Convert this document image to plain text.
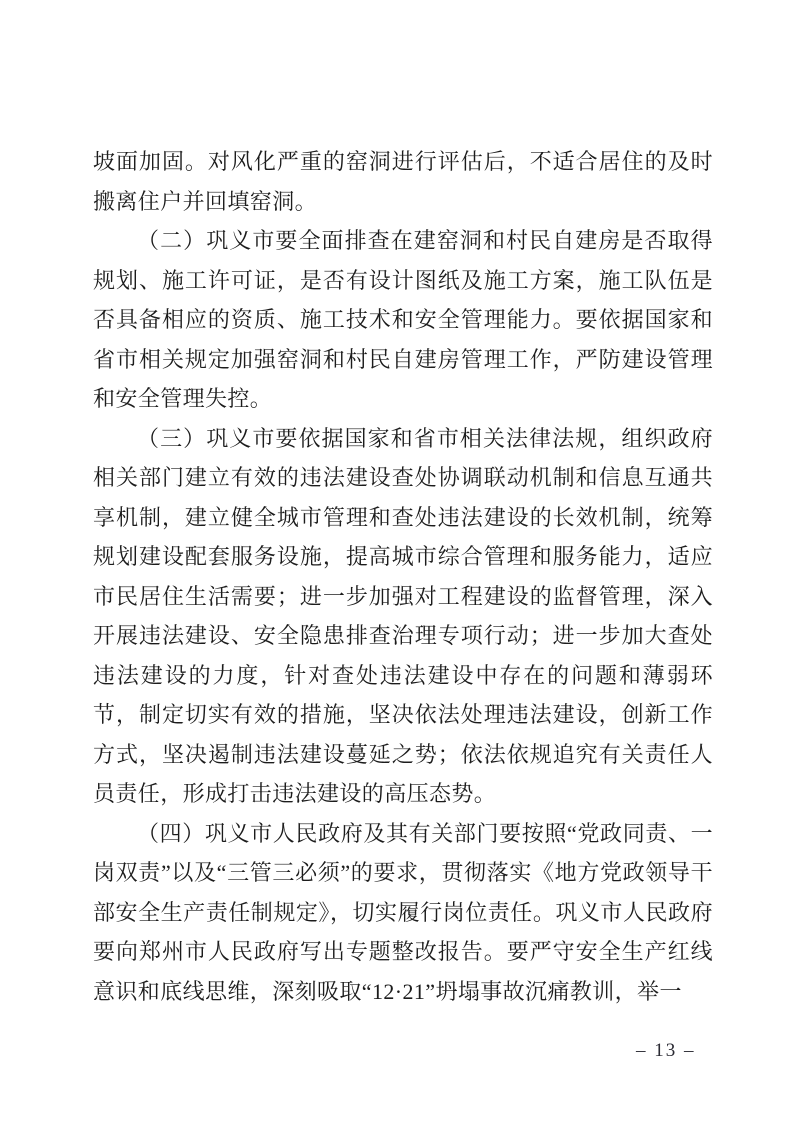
坡面加固。对风化严重的窑洞进行评估后，不适合居住的及时搬离住户并回填窑洞。

（二）巩义市要全面排查在建窑洞和村民自建房是否取得规划、施工许可证，是否有设计图纸及施工方案，施工队伍是否具备相应的资质、施工技术和安全管理能力。要依据国家和省市相关规定加强窑洞和村民自建房管理工作，严防建设管理和安全管理失控。

（三）巩义市要依据国家和省市相关法律法规，组织政府相关部门建立有效的违法建设查处协调联动机制和信息互通共享机制，建立健全城市管理和查处违法建设的长效机制，统筹规划建设配套服务设施，提高城市综合管理和服务能力，适应市民居住生活需要；进一步加强对工程建设的监督管理，深入开展违法建设、安全隐患排查治理专项行动；进一步加大查处违法建设的力度，针对查处违法建设中存在的问题和薄弱环节，制定切实有效的措施，坚决依法处理违法建设，创新工作方式，坚决遏制违法建设蔓延之势；依法依规追究有关责任人员责任，形成打击违法建设的高压态势。

（四）巩义市人民政府及其有关部门要按照“党政同责、一岗双责”以及“三管三必须”的要求，贯彻落实《地方党政领导干部安全生产责任制规定》，切实履行岗位责任。巩义市人民政府要向郑州市人民政府写出专题整改报告。要严守安全生产红线意识和底线思维，深刻吸取“12·21”坍塌事故沉痛教训，举一

– 13 –
